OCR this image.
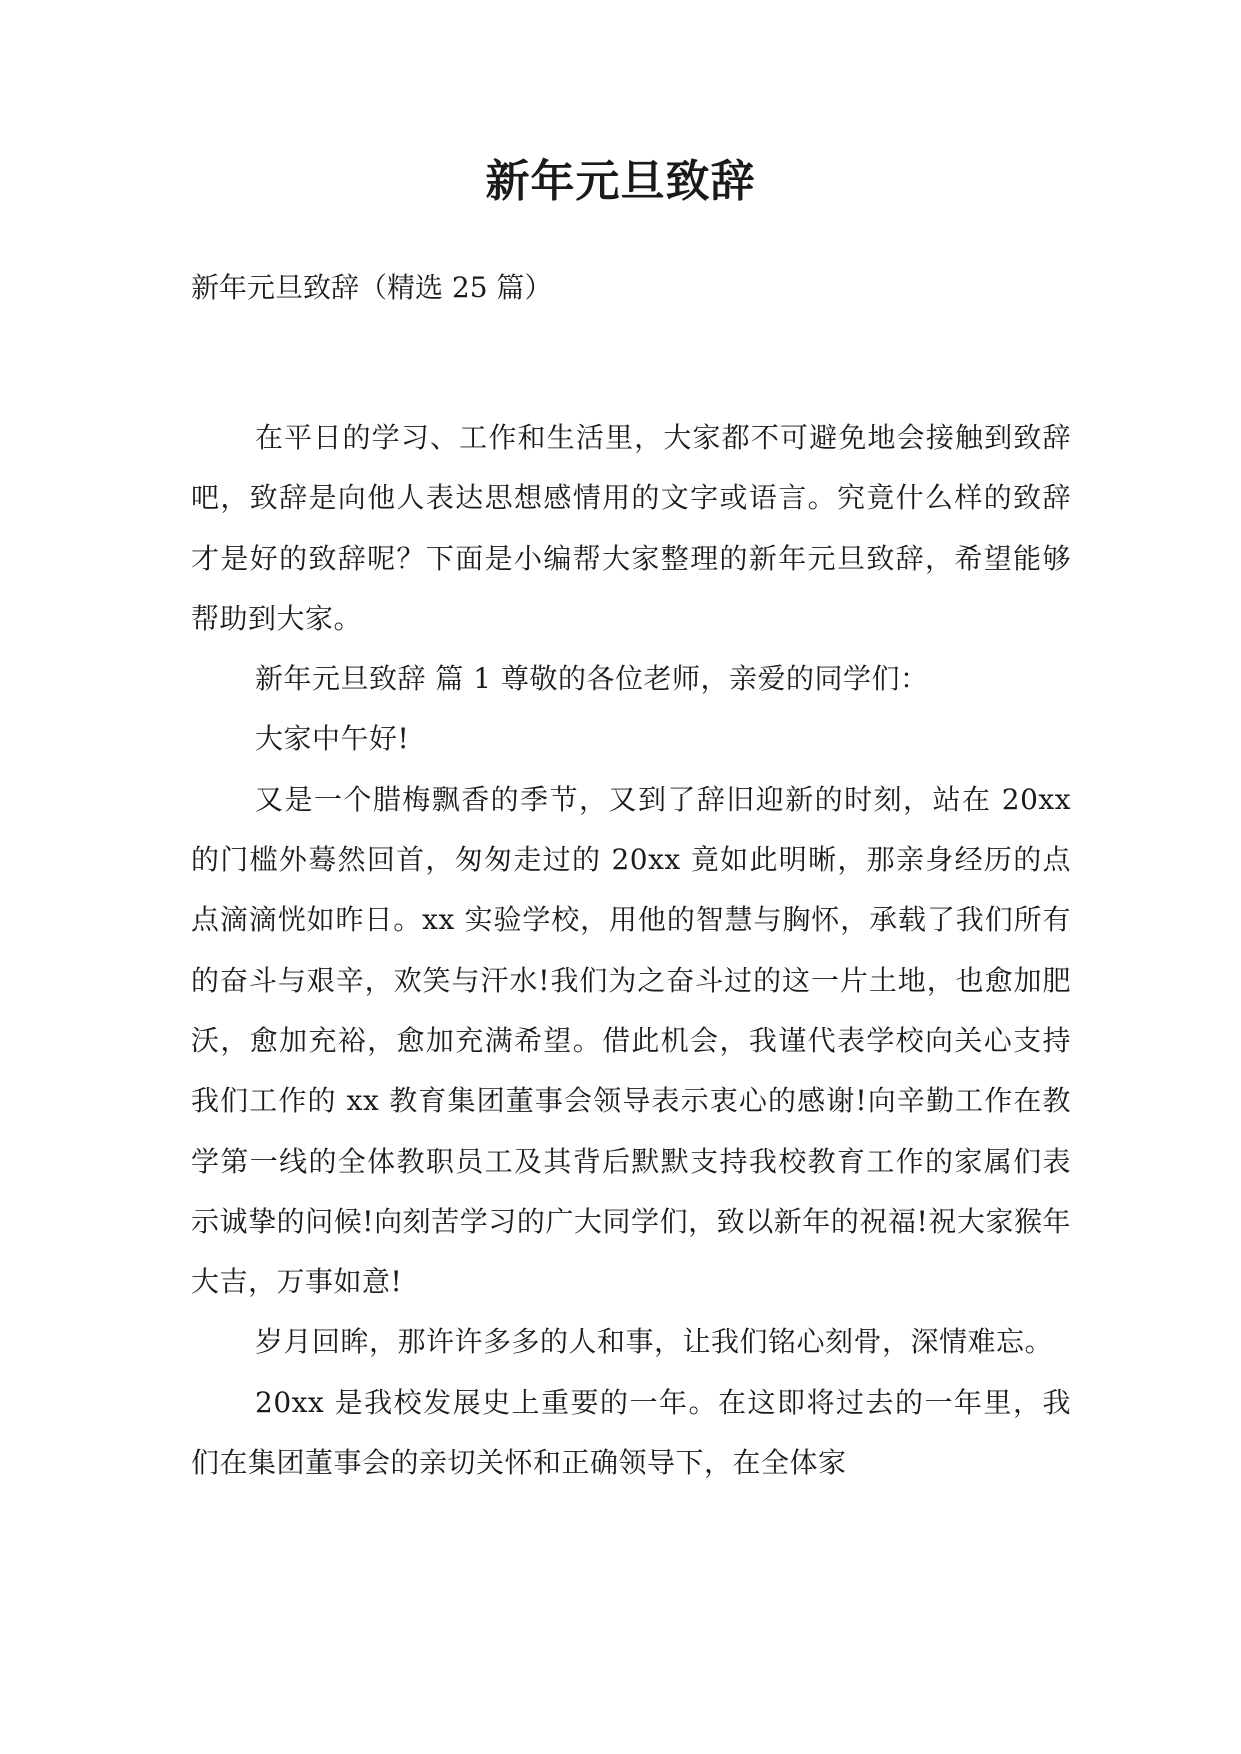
新年元旦致辞
新年元旦致辞（精选 25 篇）

在平日的学习、工作和生活里，大家都不可避免地会接触到致辞吧，致辞是向他人表达思想感情用的文字或语言。究竟什么样的致辞才是好的致辞呢？下面是小编帮大家整理的新年元旦致辞，希望能够帮助到大家。

新年元旦致辞 篇 1 尊敬的各位老师，亲爱的同学们：

大家中午好!

又是一个腊梅飘香的季节，又到了辞旧迎新的时刻，站在 20xx 的门槛外蓦然回首，匆匆走过的 20xx 竟如此明晰，那亲身经历的点点滴滴恍如昨日。xx 实验学校，用他的智慧与胸怀，承载了我们所有的奋斗与艰辛，欢笑与汗水!我们为之奋斗过的这一片土地，也愈加肥沃，愈加充裕，愈加充满希望。借此机会，我谨代表学校向关心支持我们工作的 xx 教育集团董事会领导表示衷心的感谢!向辛勤工作在教学第一线的全体教职员工及其背后默默支持我校教育工作的家属们表示诚挚的问候!向刻苦学习的广大同学们，致以新年的祝福!祝大家猴年大吉，万事如意!

岁月回眸，那许许多多的人和事，让我们铭心刻骨，深情难忘。

20xx 是我校发展史上重要的一年。在这即将过去的一年里，我们在集团董事会的亲切关怀和正确领导下，在全体家
